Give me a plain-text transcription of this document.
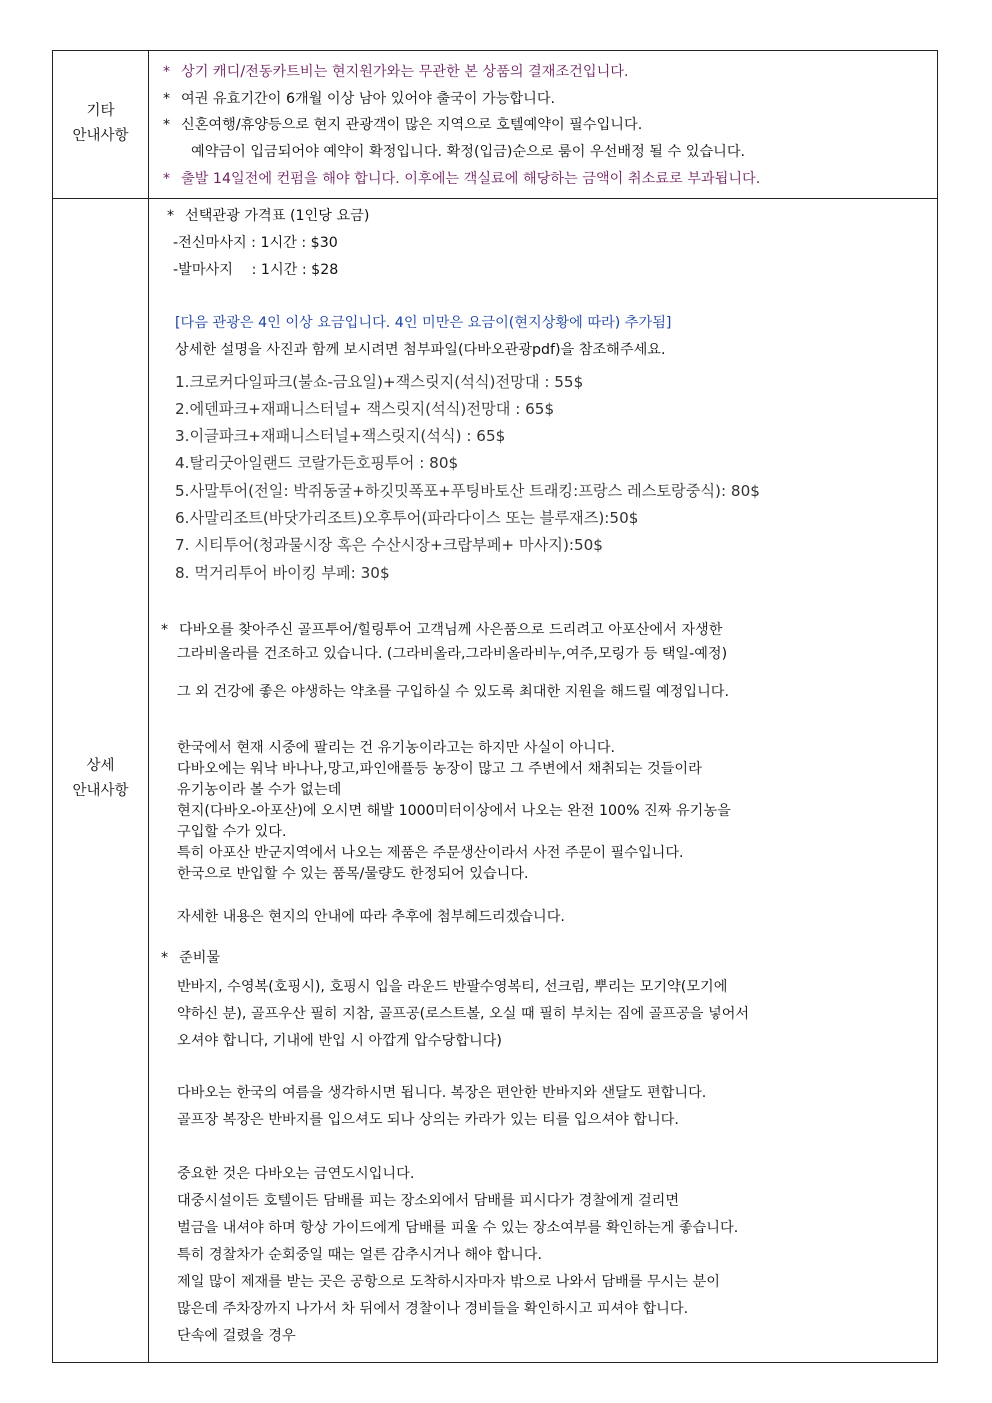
기타
안내사항
* 상기 캐디/전동카트비는 현지원가와는 무관한 본 상품의 결재조건입니다.
* 여권 유효기간이 6개월 이상 남아 있어야 출국이 가능합니다.
* 신혼여행/휴양등으로 현지 관광객이 많은 지역으로 호텔예약이 필수입니다.
예약금이 입금되어야 예약이 확정입니다. 확정(입금)순으로 룸이 우선배정 될 수 있습니다.
* 출발 14일전에 컨펌을 해야 합니다. 이후에는 객실료에 해당하는 금액이 취소료로 부과됩니다.
상세
안내사항
* 선택관광 가격표 (1인당 요금)
-전신마사지 : 1시간 : $30
-발마사지　 : 1시간 : $28
[다음 관광은 4인 이상 요금입니다. 4인 미만은 요금이(현지상황에 따라) 추가됨]
상세한 설명을 사진과 함께 보시려면 첨부파일(다바오관광pdf)을 참조해주세요.
1.크로커다일파크(불쇼-금요일)+잭스릿지(석식)전망대 : 55$
2.에덴파크+재패니스터널+ 잭스릿지(석식)전망대 : 65$
3.이글파크+재패니스터널+잭스릿지(석식) : 65$
4.탈리굿아일랜드 코랄가든호핑투어 : 80$
5.사말투어(전일: 박쥐동굴+하깃밋폭포+푸팅바토산 트래킹:프랑스 레스토랑중식): 80$
6.사말리조트(바닷가리조트)오후투어(파라다이스 또는 블루재즈):50$
7. 시티투어(청과물시장 혹은 수산시장+크랍부페+ 마사지):50$
8. 먹거리투어 바이킹 부페: 30$
* 다바오를 찾아주신 골프투어/힐링투어 고객님께 사은품으로 드리려고 아포산에서 자생한
그라비올라를 건조하고 있습니다. (그라비올라,그라비올라비누,여주,모링가 등 택일-예정)
그 외 건강에 좋은 야생하는 약초를 구입하실 수 있도록 최대한 지원을 해드릴 예정입니다.
한국에서 현재 시중에 팔리는 건 유기농이라고는 하지만 사실이 아니다.
다바오에는 워낙 바나나,망고,파인애플등 농장이 많고 그 주변에서 채취되는 것들이라
유기농이라 볼 수가 없는데
현지(다바오-아포산)에 오시면 해발 1000미터이상에서 나오는 완전 100% 진짜 유기농을
구입할 수가 있다.
특히 아포산 반군지역에서 나오는 제품은 주문생산이라서 사전 주문이 필수입니다.
한국으로 반입할 수 있는 품목/물량도 한정되어 있습니다.
자세한 내용은 현지의 안내에 따라 추후에 첨부헤드리겠습니다.
* 준비물
반바지, 수영복(호핑시), 호핑시 입을 라운드 반팔수영복티, 선크림, 뿌리는 모기약(모기에
약하신 분), 골프우산 필히 지참, 골프공(로스트볼, 오실 때 필히 부치는 짐에 골프공을 넣어서
오셔야 합니다, 기내에 반입 시 아깝게 압수당합니다)
다바오는 한국의 여름을 생각하시면 됩니다. 복장은 편안한 반바지와 샌달도 편합니다.
골프장 복장은 반바지를 입으셔도 되나 상의는 카라가 있는 티를 입으셔야 합니다.
중요한 것은 다바오는 금연도시입니다.
대중시설이든 호텔이든 담배를 피는 장소외에서 담배를 피시다가 경찰에게 걸리면
벌금을 내셔야 하며 항상 가이드에게 담배를 피울 수 있는 장소여부를 확인하는게 좋습니다.
특히 경찰차가 순회중일 때는 얼른 감추시거나 해야 합니다.
제일 많이 제재를 받는 곳은 공항으로 도착하시자마자 밖으로 나와서 담배를 무시는 분이
많은데 주차장까지 나가서 차 뒤에서 경찰이나 경비들을 확인하시고 피셔야 합니다.
단속에 걸렸을 경우
